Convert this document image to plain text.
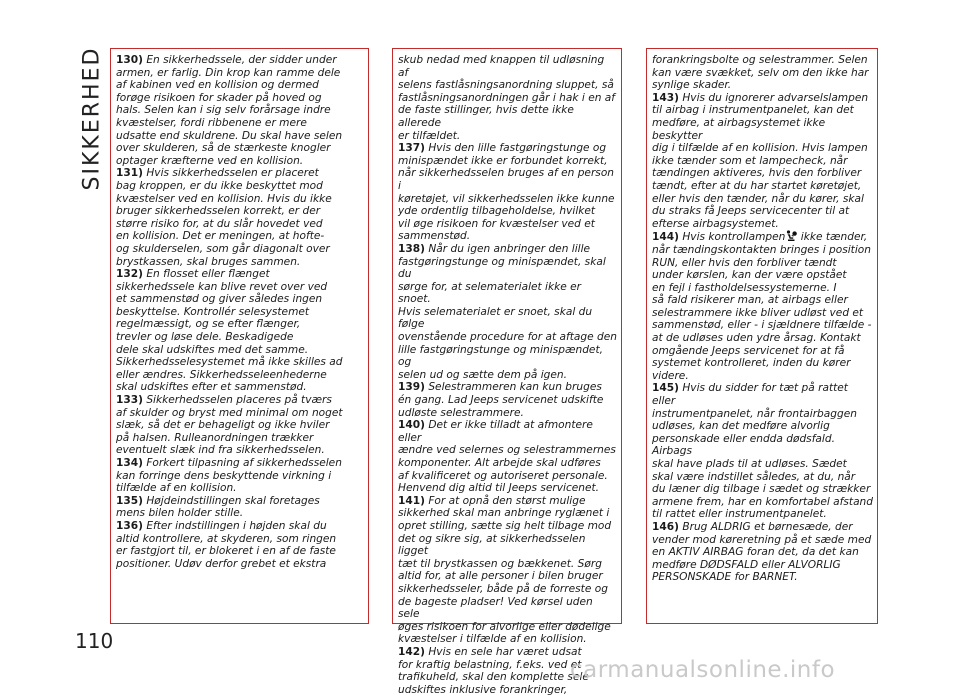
SIKKERHED
110

130) En sikkerhedssele, der sidder under
armen, er farlig. Din krop kan ramme dele
af kabinen ved en kollision og dermed
forøge risikoen for skader på hoved og
hals. Selen kan i sig selv forårsage indre
kvæstelser, fordi ribbenene er mere
udsatte end skuldrene. Du skal have selen
over skulderen, så de stærkeste knogler
optager kræfterne ved en kollision.

131) Hvis sikkerhedsselen er placeret
bag kroppen, er du ikke beskyttet mod
kvæstelser ved en kollision. Hvis du ikke
bruger sikkerhedsselen korrekt, er der
større risiko for, at du slår hovedet ved
en kollision. Det er meningen, at hofte-
og skulderselen, som går diagonalt over
brystkassen, skal bruges sammen.

132) En flosset eller flænget
sikkerhedssele kan blive revet over ved
et sammenstød og giver således ingen
beskyttelse. Kontrollér selesystemet
regelmæssigt, og se efter flænger,
trevler og løse dele. Beskadigede
dele skal udskiftes med det samme.
Sikkerhedsselesystemet må ikke skilles ad
eller ændres. Sikkerhedsseleenhederne
skal udskiftes efter et sammenstød.

133) Sikkerhedsselen placeres på tværs
af skulder og bryst med minimal om noget
slæk, så det er behageligt og ikke hviler
på halsen. Rulleanordningen trækker
eventuelt slæk ind fra sikkerhedsselen.

134) Forkert tilpasning af sikkerhedsselen
kan forringe dens beskyttende virkning i
tilfælde af en kollision.

135) Højdeindstillingen skal foretages
mens bilen holder stille.

136) Efter indstillingen i højden skal du
altid kontrollere, at skyderen, som ringen
er fastgjort til, er blokeret i en af de faste
positioner. Udøv derfor grebet et ekstra

skub nedad med knappen til udløsning af
selens fastlåsningsanordning sluppet, så
fastlåsningsanordningen går i hak i en af
de faste stillinger, hvis dette ikke allerede
er tilfældet.

137) Hvis den lille fastgøringstunge og
minispændet ikke er forbundet korrekt,
når sikkerhedsselen bruges af en person i
køretøjet, vil sikkerhedsselen ikke kunne
yde ordentlig tilbageholdelse, hvilket
vil øge risikoen for kvæstelser ved et
sammenstød.

138) Når du igen anbringer den lille
fastgøringstunge og minispændet, skal du
sørge for, at selematerialet ikke er snoet.
Hvis selematerialet er snoet, skal du følge
ovenstående procedure for at aftage den
lille fastgøringstunge og minispændet, og
selen ud og sætte dem på igen.

139) Selestrammeren kan kun bruges
én gang. Lad Jeeps servicenet udskifte
udløste selestrammere.

140) Det er ikke tilladt at afmontere eller
ændre ved selernes og selestrammernes
komponenter. Alt arbejde skal udføres
af kvalificeret og autoriseret personale.
Henvend dig altid til Jeeps servicenet.

141) For at opnå den størst mulige
sikkerhed skal man anbringe ryglænet i
opret stilling, sætte sig helt tilbage mod
det og sikre sig, at sikkerhedsselen ligget
tæt til brystkassen og bækkenet. Sørg
altid for, at alle personer i bilen bruger
sikkerhedsseler, både på de forreste og
de bageste pladser! Ved kørsel uden sele
øges risikoen for alvorlige eller dødelige
kvæstelser i tilfælde af en kollision.

142) Hvis en sele har været udsat
for kraftig belastning, f.eks. ved et
trafikuheld, skal den komplette sele
udskiftes inklusive forankringer,

forankringsbolte og selestrammer. Selen
kan være svækket, selv om den ikke har
synlige skader.

143) Hvis du ignorerer advarselslampen
til airbag i instrumentpanelet, kan det
medføre, at airbagsystemet ikke beskytter
dig i tilfælde af en kollision. Hvis lampen
ikke tænder som et lampecheck, når
tændingen aktiveres, hvis den forbliver
tændt, efter at du har startet køretøjet,
eller hvis den tænder, når du kører, skal
du straks få Jeeps servicecenter til at
efterse airbagsystemet.

144) Hvis kontrollampen ikke tænder,
når tændingskontakten bringes i position
RUN, eller hvis den forbliver tændt
under kørslen, kan der være opstået
en fejl i fastholdelsessystemerne. I
så fald risikerer man, at airbags eller
selestrammere ikke bliver udløst ved et
sammenstød, eller - i sjældnere tilfælde -
at de udløses uden ydre årsag. Kontakt
omgående Jeeps servicenet for at få
systemet kontrolleret, inden du kører
videre.

145) Hvis du sidder for tæt på rattet eller
instrumentpanelet, når frontairbaggen
udløses, kan det medføre alvorlig
personskade eller endda dødsfald. Airbags
skal have plads til at udløses. Sædet
skal være indstillet således, at du, når
du læner dig tilbage i sædet og strækker
armene frem, har en komfortabel afstand
til rattet eller instrumentpanelet.

146) Brug ALDRIG et børnesæde, der
vender mod køreretning på et sæde med
en AKTIV AIRBAG foran det, da det kan
medføre DØDSFALD eller ALVORLIG
PERSONSKADE for BARNET.

carmanualsonline.info
